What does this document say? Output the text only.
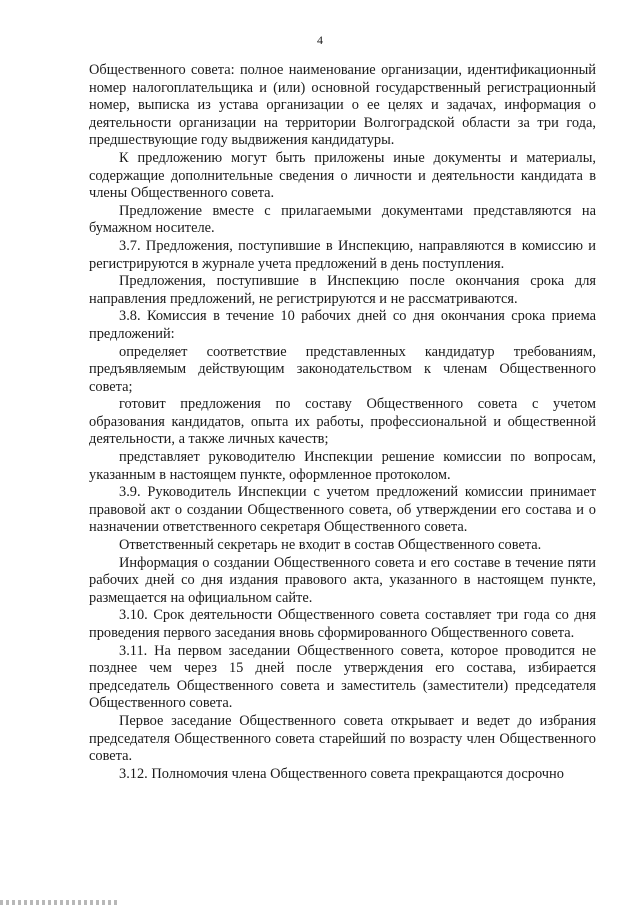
4

Общественного совета: полное наименование организации, идентификационный номер налогоплательщика и (или) основной государственный регистрационный номер, выписка из устава организации о ее целях и задачах, информация о деятельности организации на территории Волгоградской области за три года, предшествующие году выдвижения кандидатуры.

К предложению могут быть приложены иные документы и материалы, содержащие дополнительные сведения о личности и деятельности кандидата в члены Общественного совета.

Предложение вместе с прилагаемыми документами представляются на бумажном носителе.

3.7. Предложения, поступившие в Инспекцию, направляются в комиссию и регистрируются в журнале учета предложений в день поступления.

Предложения, поступившие в Инспекцию после окончания срока для направления предложений, не регистрируются и не рассматриваются.

3.8. Комиссия в течение 10 рабочих дней со дня окончания срока приема предложений:

определяет соответствие представленных кандидатур требованиям, предъявляемым действующим законодательством к членам Общественного совета;

готовит предложения по составу Общественного совета с учетом образования кандидатов, опыта их работы, профессиональной и общественной деятельности, а также личных качеств;

представляет руководителю Инспекции решение комиссии по вопросам, указанным в настоящем пункте, оформленное протоколом.

3.9. Руководитель Инспекции с учетом предложений комиссии принимает правовой акт о создании Общественного совета, об утверждении его состава и о назначении ответственного секретаря Общественного совета.

Ответственный секретарь не входит в состав Общественного совета.

Информация о создании Общественного совета и его составе в течение пяти рабочих дней со дня издания правового акта, указанного в настоящем пункте, размещается на официальном сайте.

3.10. Срок деятельности Общественного совета составляет три года со дня проведения первого заседания вновь сформированного Общественного совета.

3.11. На первом заседании Общественного совета, которое проводится не позднее чем через 15 дней после утверждения его состава, избирается председатель Общественного совета и заместитель (заместители) председателя Общественного совета.

Первое заседание Общественного совета открывает и ведет до избрания председателя Общественного совета старейший по возрасту член Общественного совета.

3.12. Полномочия члена Общественного совета прекращаются досрочно
